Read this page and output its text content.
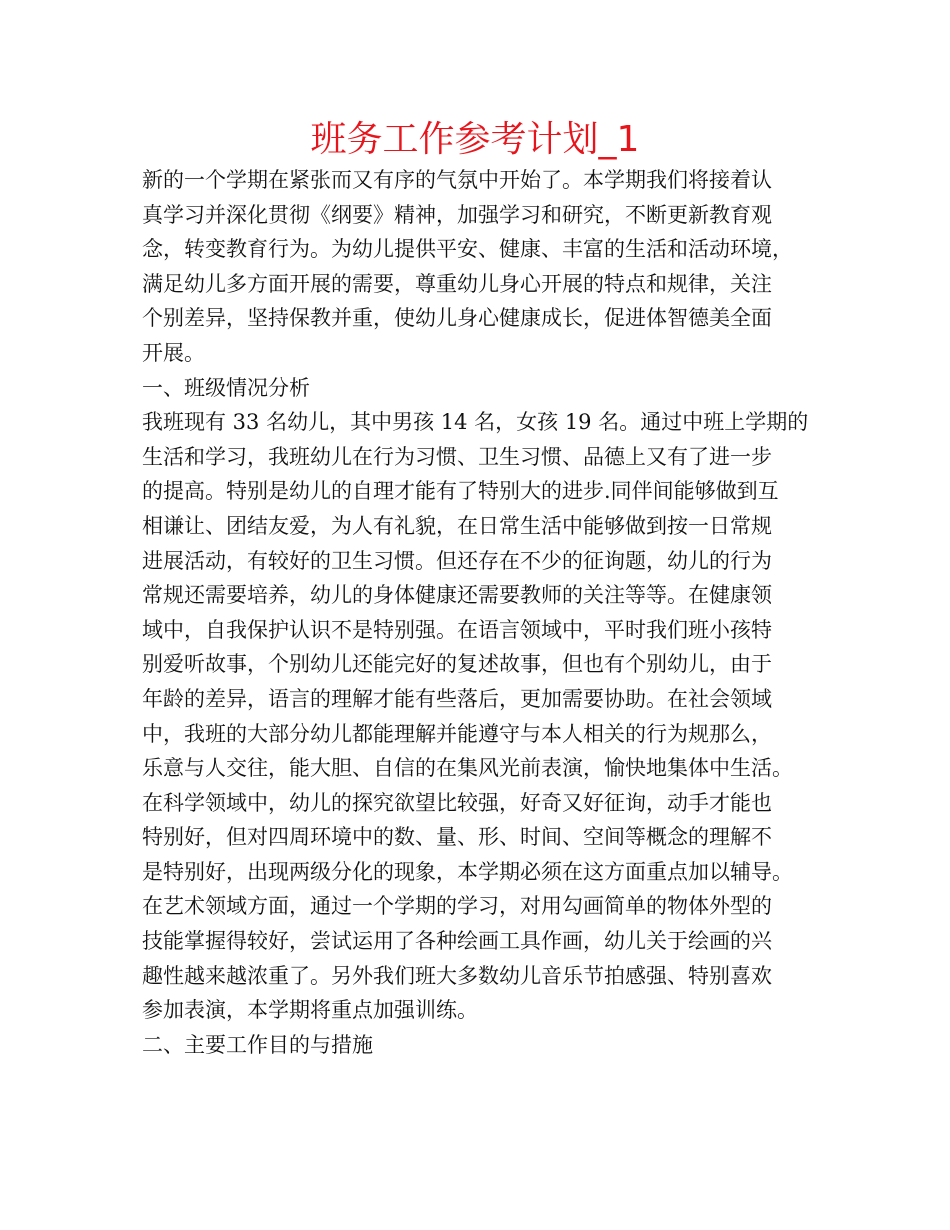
班务工作参考计划_1
新的一个学期在紧张而又有序的气氛中开始了。本学期我们将接着认
真学习并深化贯彻《纲要》精神，加强学习和研究，不断更新教育观
念，转变教育行为。为幼儿提供平安、健康、丰富的生活和活动环境，
满足幼儿多方面开展的需要，尊重幼儿身心开展的特点和规律，关注
个别差异，坚持保教并重，使幼儿身心健康成长，促进体智德美全面
开展。
一、班级情况分析
我班现有 33 名幼儿，其中男孩 14 名，女孩 19 名。通过中班上学期的
生活和学习，我班幼儿在行为习惯、卫生习惯、品德上又有了进一步
的提高。特别是幼儿的自理才能有了特别大的进步.同伴间能够做到互
相谦让、团结友爱，为人有礼貌，在日常生活中能够做到按一日常规
进展活动，有较好的卫生习惯。但还存在不少的征询题，幼儿的行为
常规还需要培养，幼儿的身体健康还需要教师的关注等等。在健康领
域中，自我保护认识不是特别强。在语言领域中，平时我们班小孩特
别爱听故事，个别幼儿还能完好的复述故事，但也有个别幼儿，由于
年龄的差异，语言的理解才能有些落后，更加需要协助。在社会领域
中，我班的大部分幼儿都能理解并能遵守与本人相关的行为规那么，
乐意与人交往，能大胆、自信的在集风光前表演，愉快地集体中生活。
在科学领域中，幼儿的探究欲望比较强，好奇又好征询，动手才能也
特别好，但对四周环境中的数、量、形、时间、空间等概念的理解不
是特别好，出现两级分化的现象，本学期必须在这方面重点加以辅导。
在艺术领域方面，通过一个学期的学习，对用勾画简单的物体外型的
技能掌握得较好，尝试运用了各种绘画工具作画，幼儿关于绘画的兴
趣性越来越浓重了。另外我们班大多数幼儿音乐节拍感强、特别喜欢
参加表演，本学期将重点加强训练。
二、主要工作目的与措施
